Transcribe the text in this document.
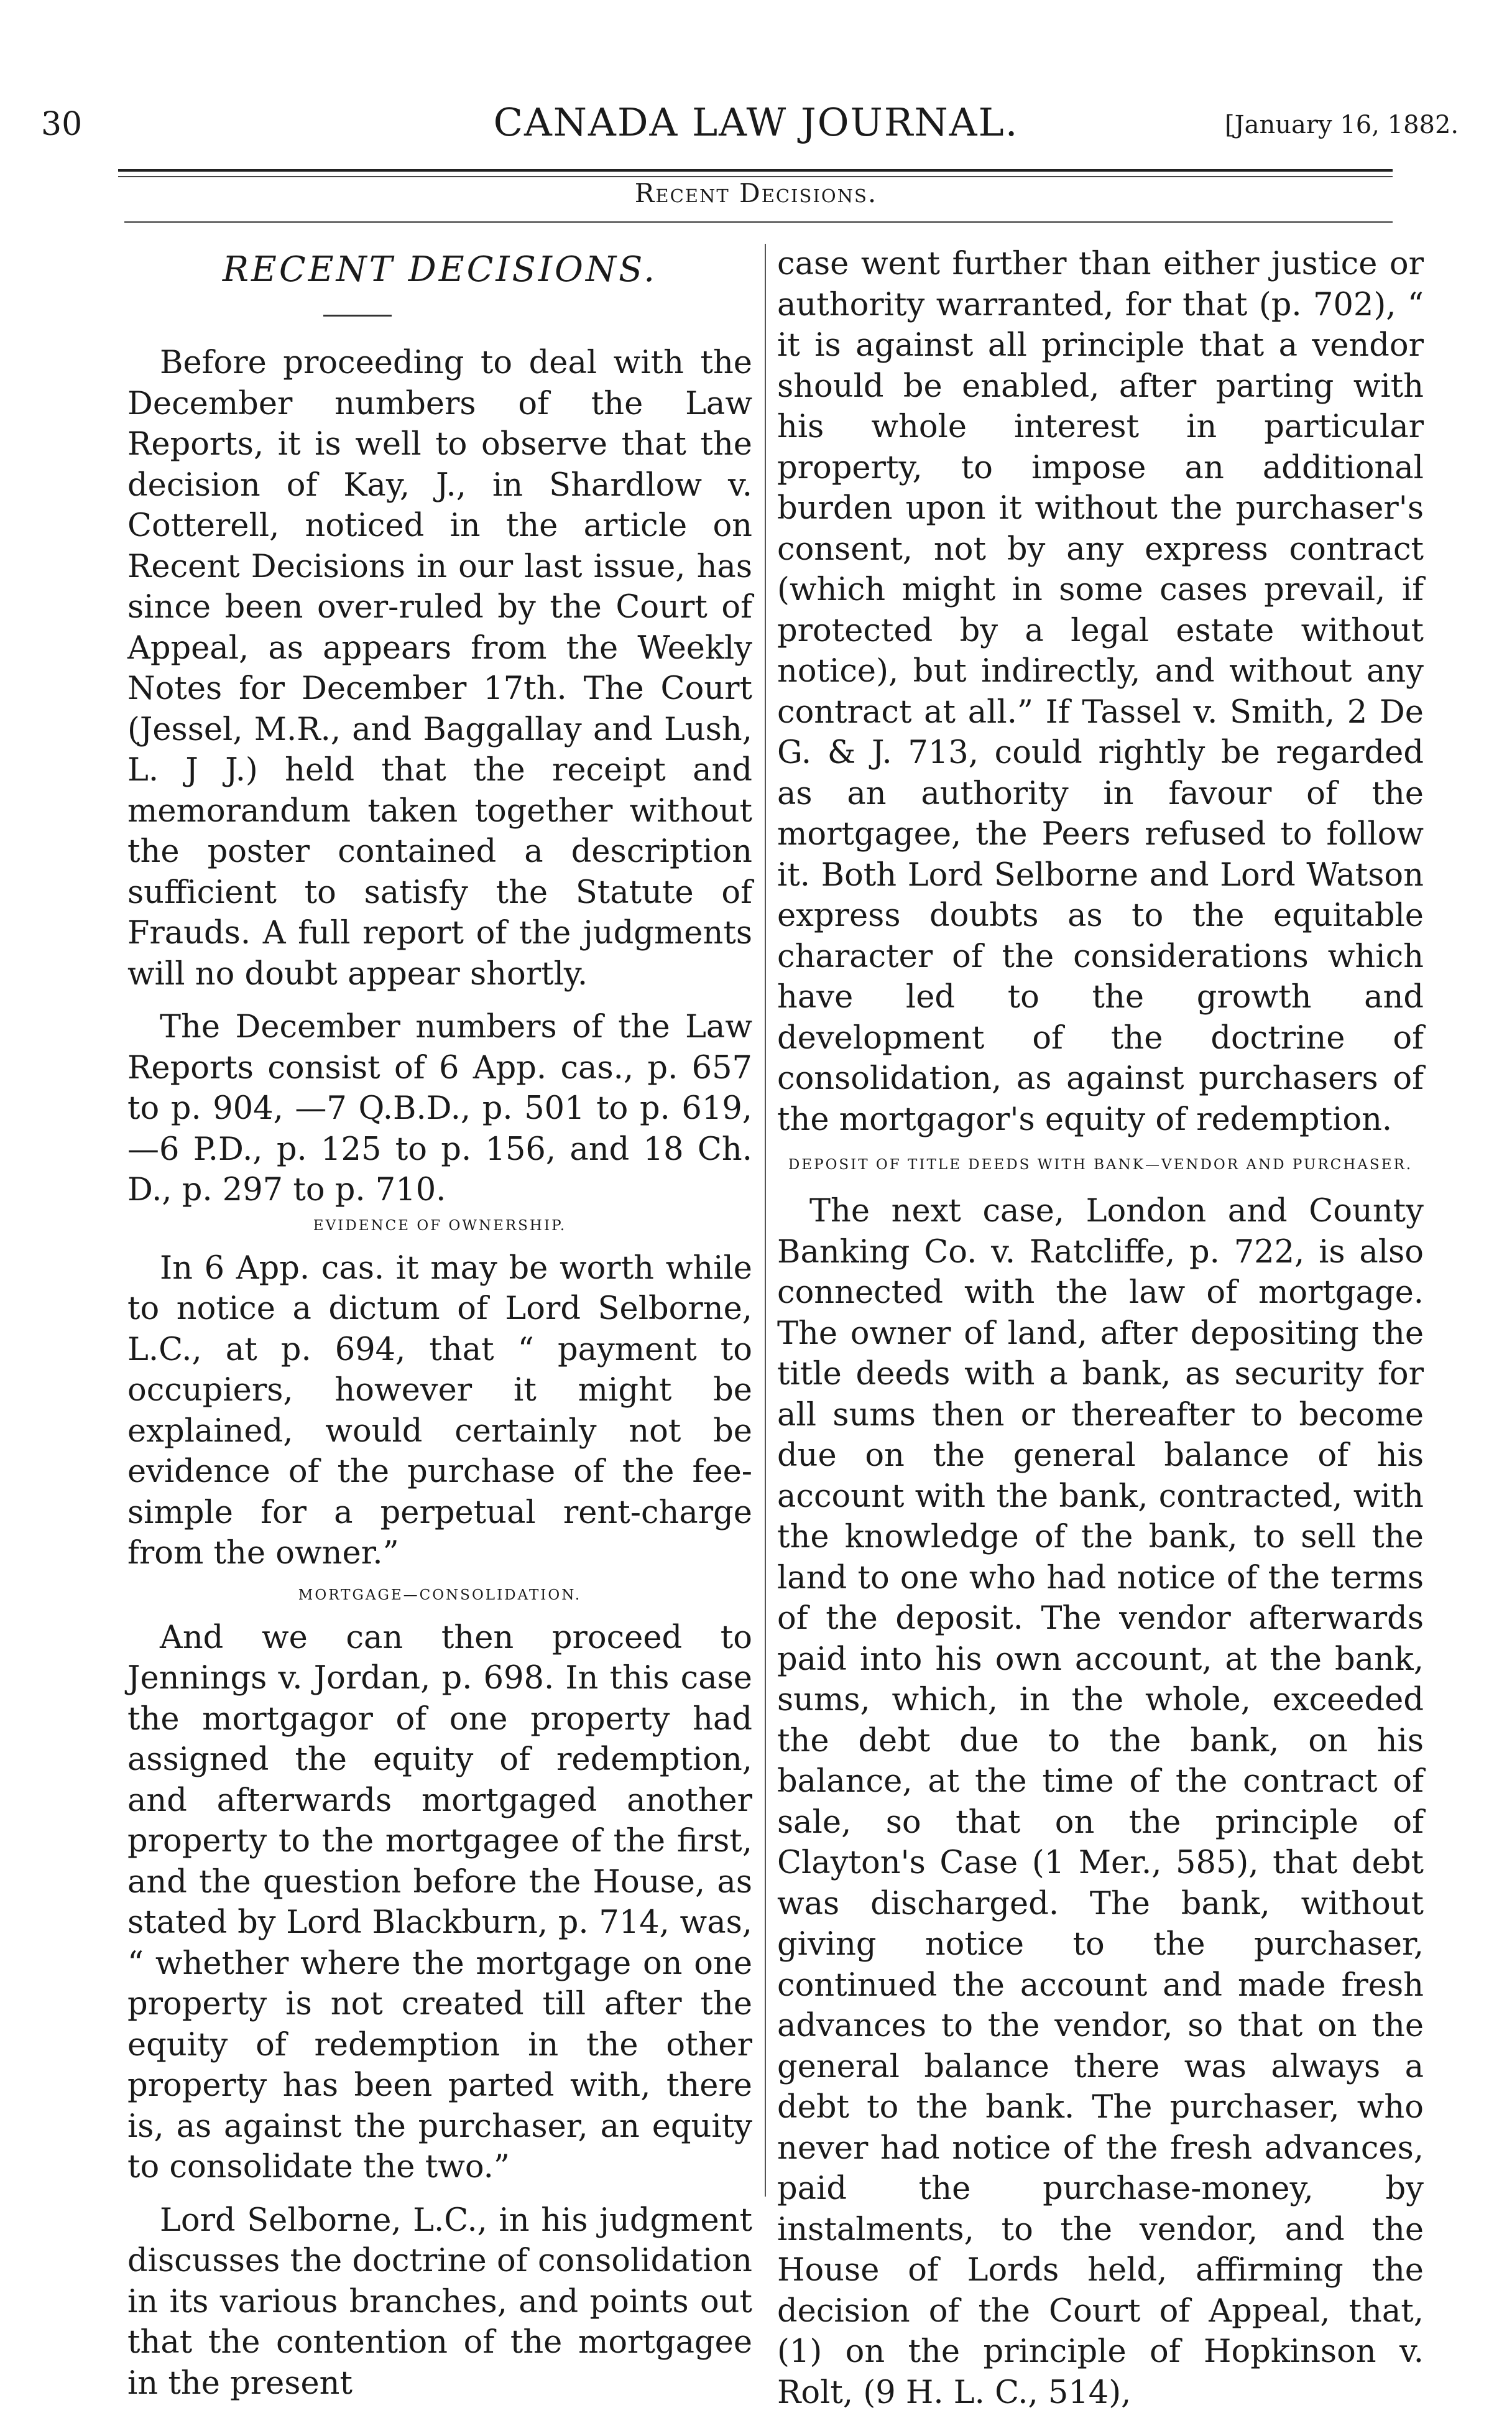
30	CANADA LAW JOURNAL.	[January 16, 1882.
Recent Decisions.
RECENT DECISIONS.

Before proceeding to deal with the December numbers of the Law Reports, it is well to observe that the decision of Kay, J., in Shardlow v. Cotterell, noticed in the article on Recent Decisions in our last issue, has since been over-ruled by the Court of Appeal, as appears from the Weekly Notes for December 17th. The Court (Jessel, M.R., and Baggallay and Lush, L. J J.) held that the receipt and memorandum taken together without the poster contained a description sufficient to satisfy the Statute of Frauds. A full report of the judgments will no doubt appear shortly.

The December numbers of the Law Reports consist of 6 App. cas., p. 657 to p. 904, —7 Q.B.D., p. 501 to p. 619,—6 P.D., p. 125 to p. 156, and 18 Ch. D., p. 297 to p. 710.

EVIDENCE OF OWNERSHIP.

In 6 App. cas. it may be worth while to notice a dictum of Lord Selborne, L.C., at p. 694, that “ payment to occupiers, however it might be explained, would certainly not be evidence of the purchase of the fee-simple for a perpetual rent-charge from the owner.”

MORTGAGE—CONSOLIDATION.

And we can then proceed to Jennings v. Jordan, p. 698. In this case the mortgagor of one property had assigned the equity of redemption, and afterwards mortgaged another property to the mortgagee of the first, and the question before the House, as stated by Lord Blackburn, p. 714, was, “ whether where the mortgage on one property is not created till after the equity of redemption in the other property has been parted with, there is, as against the purchaser, an equity to consolidate the two.”

Lord Selborne, L.C., in his judgment discusses the doctrine of consolidation in its various branches, and points out that the contention of the mortgagee in the present

case went further than either justice or authority warranted, for that (p. 702), “ it is against all principle that a vendor should be enabled, after parting with his whole interest in particular property, to impose an additional burden upon it without the purchaser's consent, not by any express contract (which might in some cases prevail, if protected by a legal estate without notice), but indirectly, and without any contract at all.” If Tassel v. Smith, 2 De G. & J. 713, could rightly be regarded as an authority in favour of the mortgagee, the Peers refused to follow it. Both Lord Selborne and Lord Watson express doubts as to the equitable character of the considerations which have led to the growth and development of the doctrine of consolidation, as against purchasers of the mortgagor's equity of redemption.

DEPOSIT OF TITLE DEEDS WITH BANK—VENDOR AND PURCHASER.

The next case, London and County Banking Co. v. Ratcliffe, p. 722, is also connected with the law of mortgage. The owner of land, after depositing the title deeds with a bank, as security for all sums then or thereafter to become due on the general balance of his account with the bank, contracted, with the knowledge of the bank, to sell the land to one who had notice of the terms of the deposit. The vendor afterwards paid into his own account, at the bank, sums, which, in the whole, exceeded the debt due to the bank, on his balance, at the time of the contract of sale, so that on the principle of Clayton's Case (1 Mer., 585), that debt was discharged. The bank, without giving notice to the purchaser, continued the account and made fresh advances to the vendor, so that on the general balance there was always a debt to the bank. The purchaser, who never had notice of the fresh advances, paid the purchase-money, by instalments, to the vendor, and the House of Lords held, affirming the decision of the Court of Appeal, that, (1) on the principle of Hopkinson v. Rolt, (9 H. L. C., 514),
